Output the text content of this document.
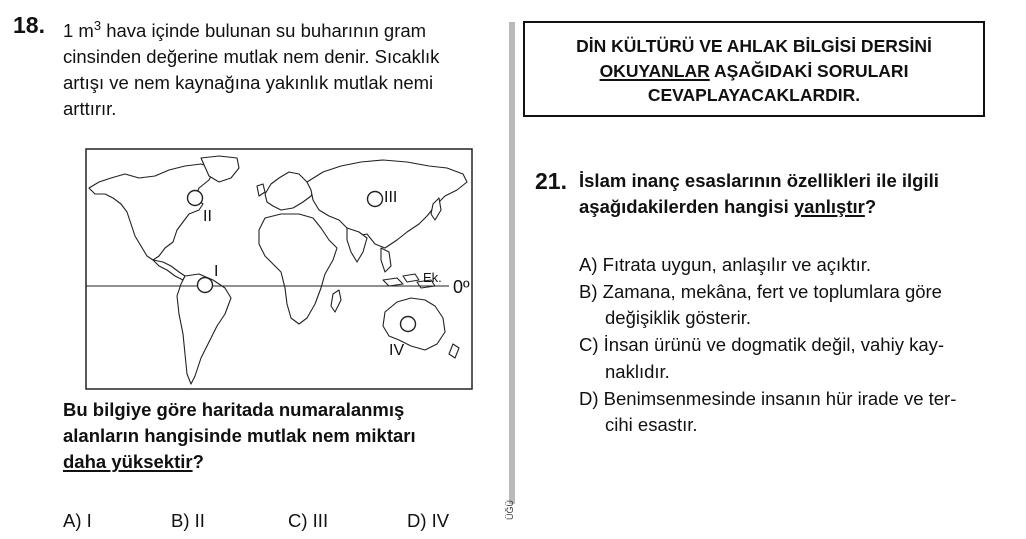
18. 1 $m^3$ hava içinde bulunan su buharının gram
cinsinden değerine mutlak nem denir. Sıcaklık
artışı ve nem kaynağına yakınlık mutlak nemi
arttırır.
II
I
III
IV
Ek. 0º
Bu bilgiye göre haritada numaralanmış
alanların hangisinde mutlak nem miktarı
daha yüksektir?
A) I	B) II	C) III	D) IV	ÜĞÜ
DİN KÜLTÜRÜ VE AHLAK BİLGİSİ DERSİNİ
OKUYANLAR AŞAĞIDAKİ SORULARI
CEVAPLAYACAKLARDIR.
21. İslam inanç esaslarının özellikleri ile ilgili
aşağıdakilerden hangisi yanlıştır?
A) Fıtrata uygun, anlaşılır ve açıktır.
B) Zamana, mekâna, fert ve toplumlara göre
değişiklik gösterir.
C) İnsan ürünü ve dogmatik değil, vahiy kay-
naklıdır.
D) Benimsenmesinde insanın hür irade ve ter-
cihi esastır.
